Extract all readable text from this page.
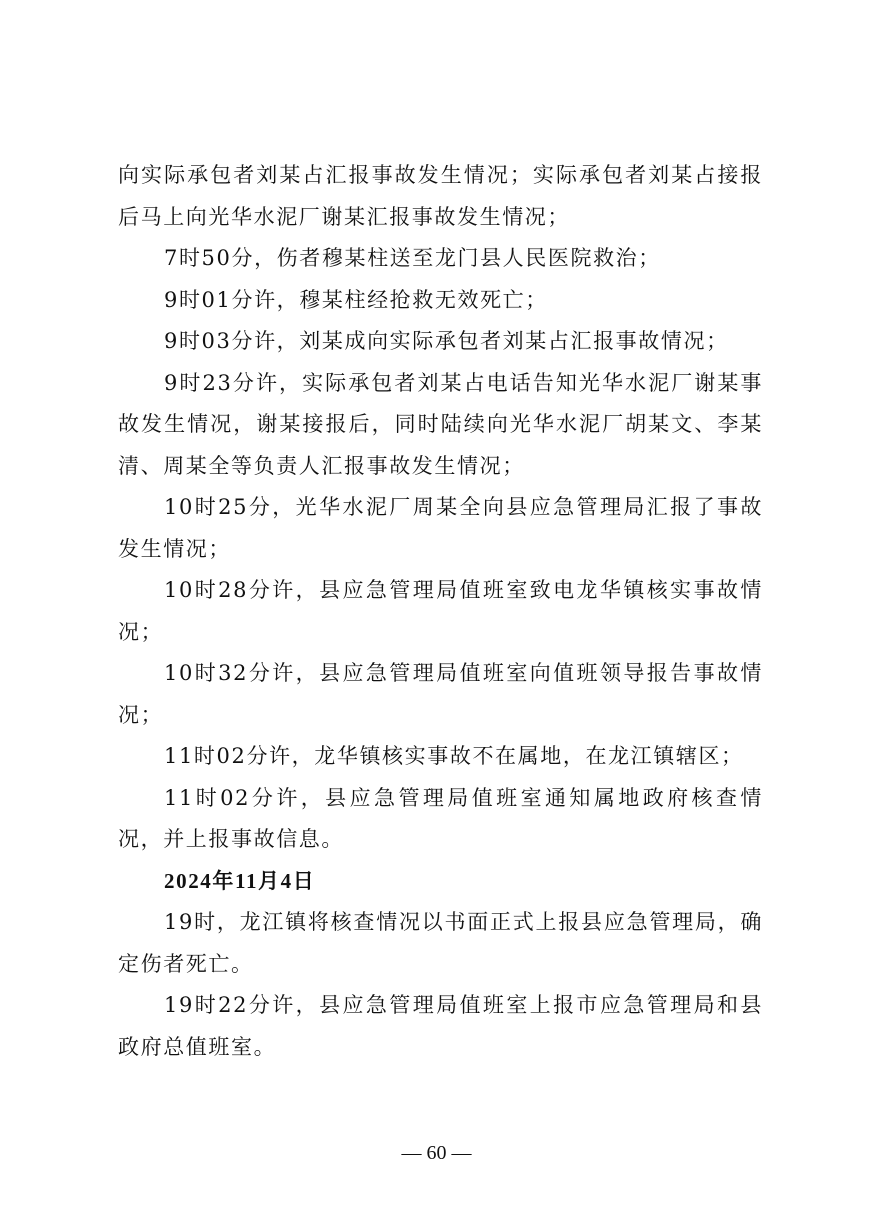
向实际承包者刘某占汇报事故发生情况；实际承包者刘某占接报后马上向光华水泥厂谢某汇报事故发生情况；

7时50分，伤者穆某柱送至龙门县人民医院救治；

9时01分许，穆某柱经抢救无效死亡；

9时03分许，刘某成向实际承包者刘某占汇报事故情况；

9时23分许，实际承包者刘某占电话告知光华水泥厂谢某事故发生情况，谢某接报后，同时陆续向光华水泥厂胡某文、李某清、周某全等负责人汇报事故发生情况；

10时25分，光华水泥厂周某全向县应急管理局汇报了事故发生情况；

10时28分许，县应急管理局值班室致电龙华镇核实事故情况；

10时32分许，县应急管理局值班室向值班领导报告事故情况；

11时02分许，龙华镇核实事故不在属地，在龙江镇辖区；

11时02分许，县应急管理局值班室通知属地政府核查情况，并上报事故信息。

2024年11月4日

19时，龙江镇将核查情况以书面正式上报县应急管理局，确定伤者死亡。

19时22分许，县应急管理局值班室上报市应急管理局和县政府总值班室。

— 60 —
